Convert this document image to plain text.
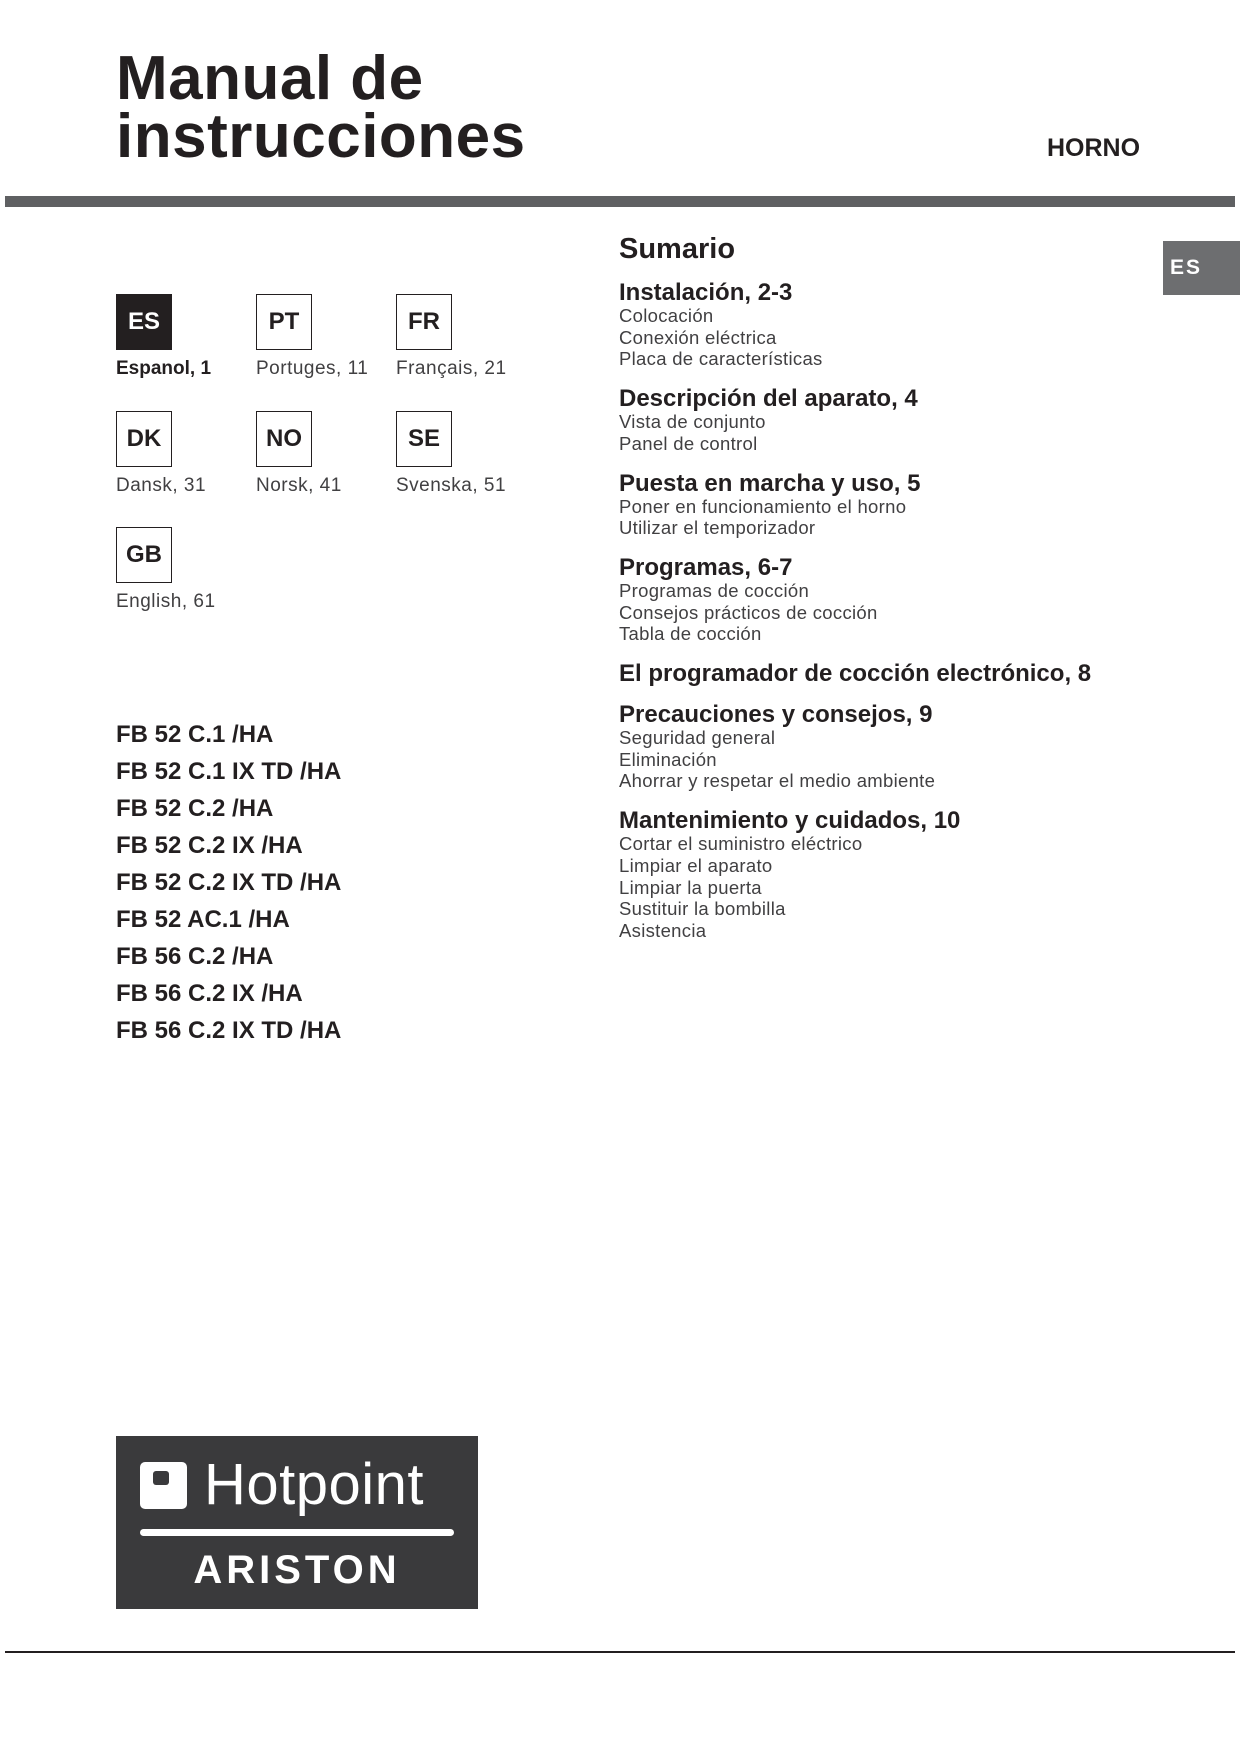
Manual de
instrucciones	HORNO
ES
ES
Espanol, 1
PT
Portuges, 11
FR
Français, 21
DK
Dansk, 31
NO
Norsk, 41
SE
Svenska, 51
GB
English, 61
FB 52 C.1 /HA
FB 52 C.1 IX TD /HA
FB 52 C.2 /HA
FB 52 C.2 IX /HA
FB 52 C.2 IX TD /HA
FB 52 AC.1 /HA
FB 56 C.2 /HA
FB 56 C.2 IX /HA
FB 56 C.2 IX TD /HA
Sumario
Instalación, 2-3
Colocación
Conexión eléctrica
Placa de características
Descripción del aparato, 4
Vista de conjunto
Panel de control
Puesta en marcha y uso, 5
Poner en funcionamiento el horno
Utilizar el temporizador
Programas, 6-7
Programas de cocción
Consejos prácticos de cocción
Tabla de cocción
El programador de cocción electrónico, 8
Precauciones y consejos, 9
Seguridad general
Eliminación
Ahorrar y respetar el medio ambiente
Mantenimiento y cuidados, 10
Cortar el suministro eléctrico
Limpiar el aparato
Limpiar la puerta
Sustituir la bombilla
Asistencia
Hotpoint
ARISTON
